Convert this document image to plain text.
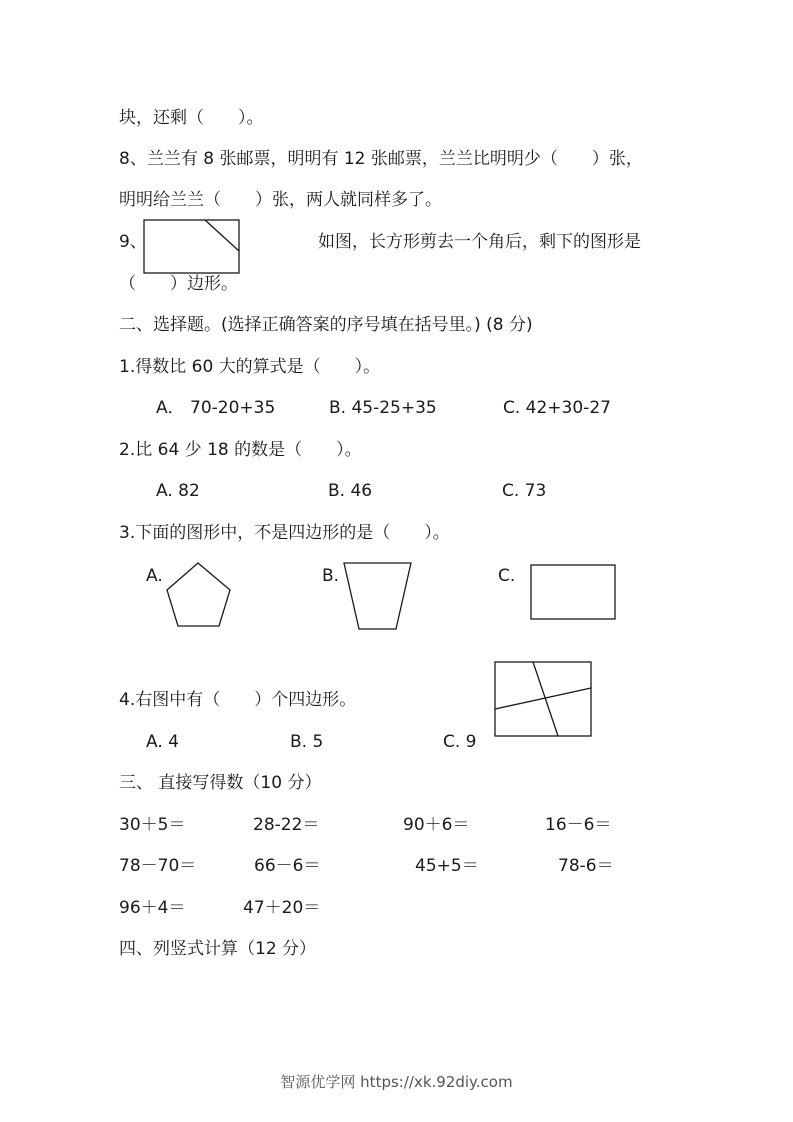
块，还剩（　　）。
8、兰兰有 8 张邮票，明明有 12 张邮票，兰兰比明明少（　　）张，
明明给兰兰（　　）张，两人就同样多了。
9、	如图，长方形剪去一个角后，剩下的图形是
（　　）边形。
二、选择题。(选择正确答案的序号填在括号里。) (8 分)
1.得数比 60 大的算式是（　　）。
A． 70-20+35	B. 45-25+35	C. 42+30-27
2.比 64 少 18 的数是（　　）。
A. 82	B. 46	C. 73
3.下面的图形中，不是四边形的是（　　）。
A.	B.	C.
4.右图中有（　　）个四边形。
A. 4	B. 5	C. 9
三、 直接写得数（10 分）
30＋5＝	28-22＝	90＋6＝	16－6＝
78－70＝	66－6＝	45+5＝	78-6＝
96＋4＝	47＋20＝
四、列竖式计算（12 分）
智源优学网 https://xk.92diy.com
